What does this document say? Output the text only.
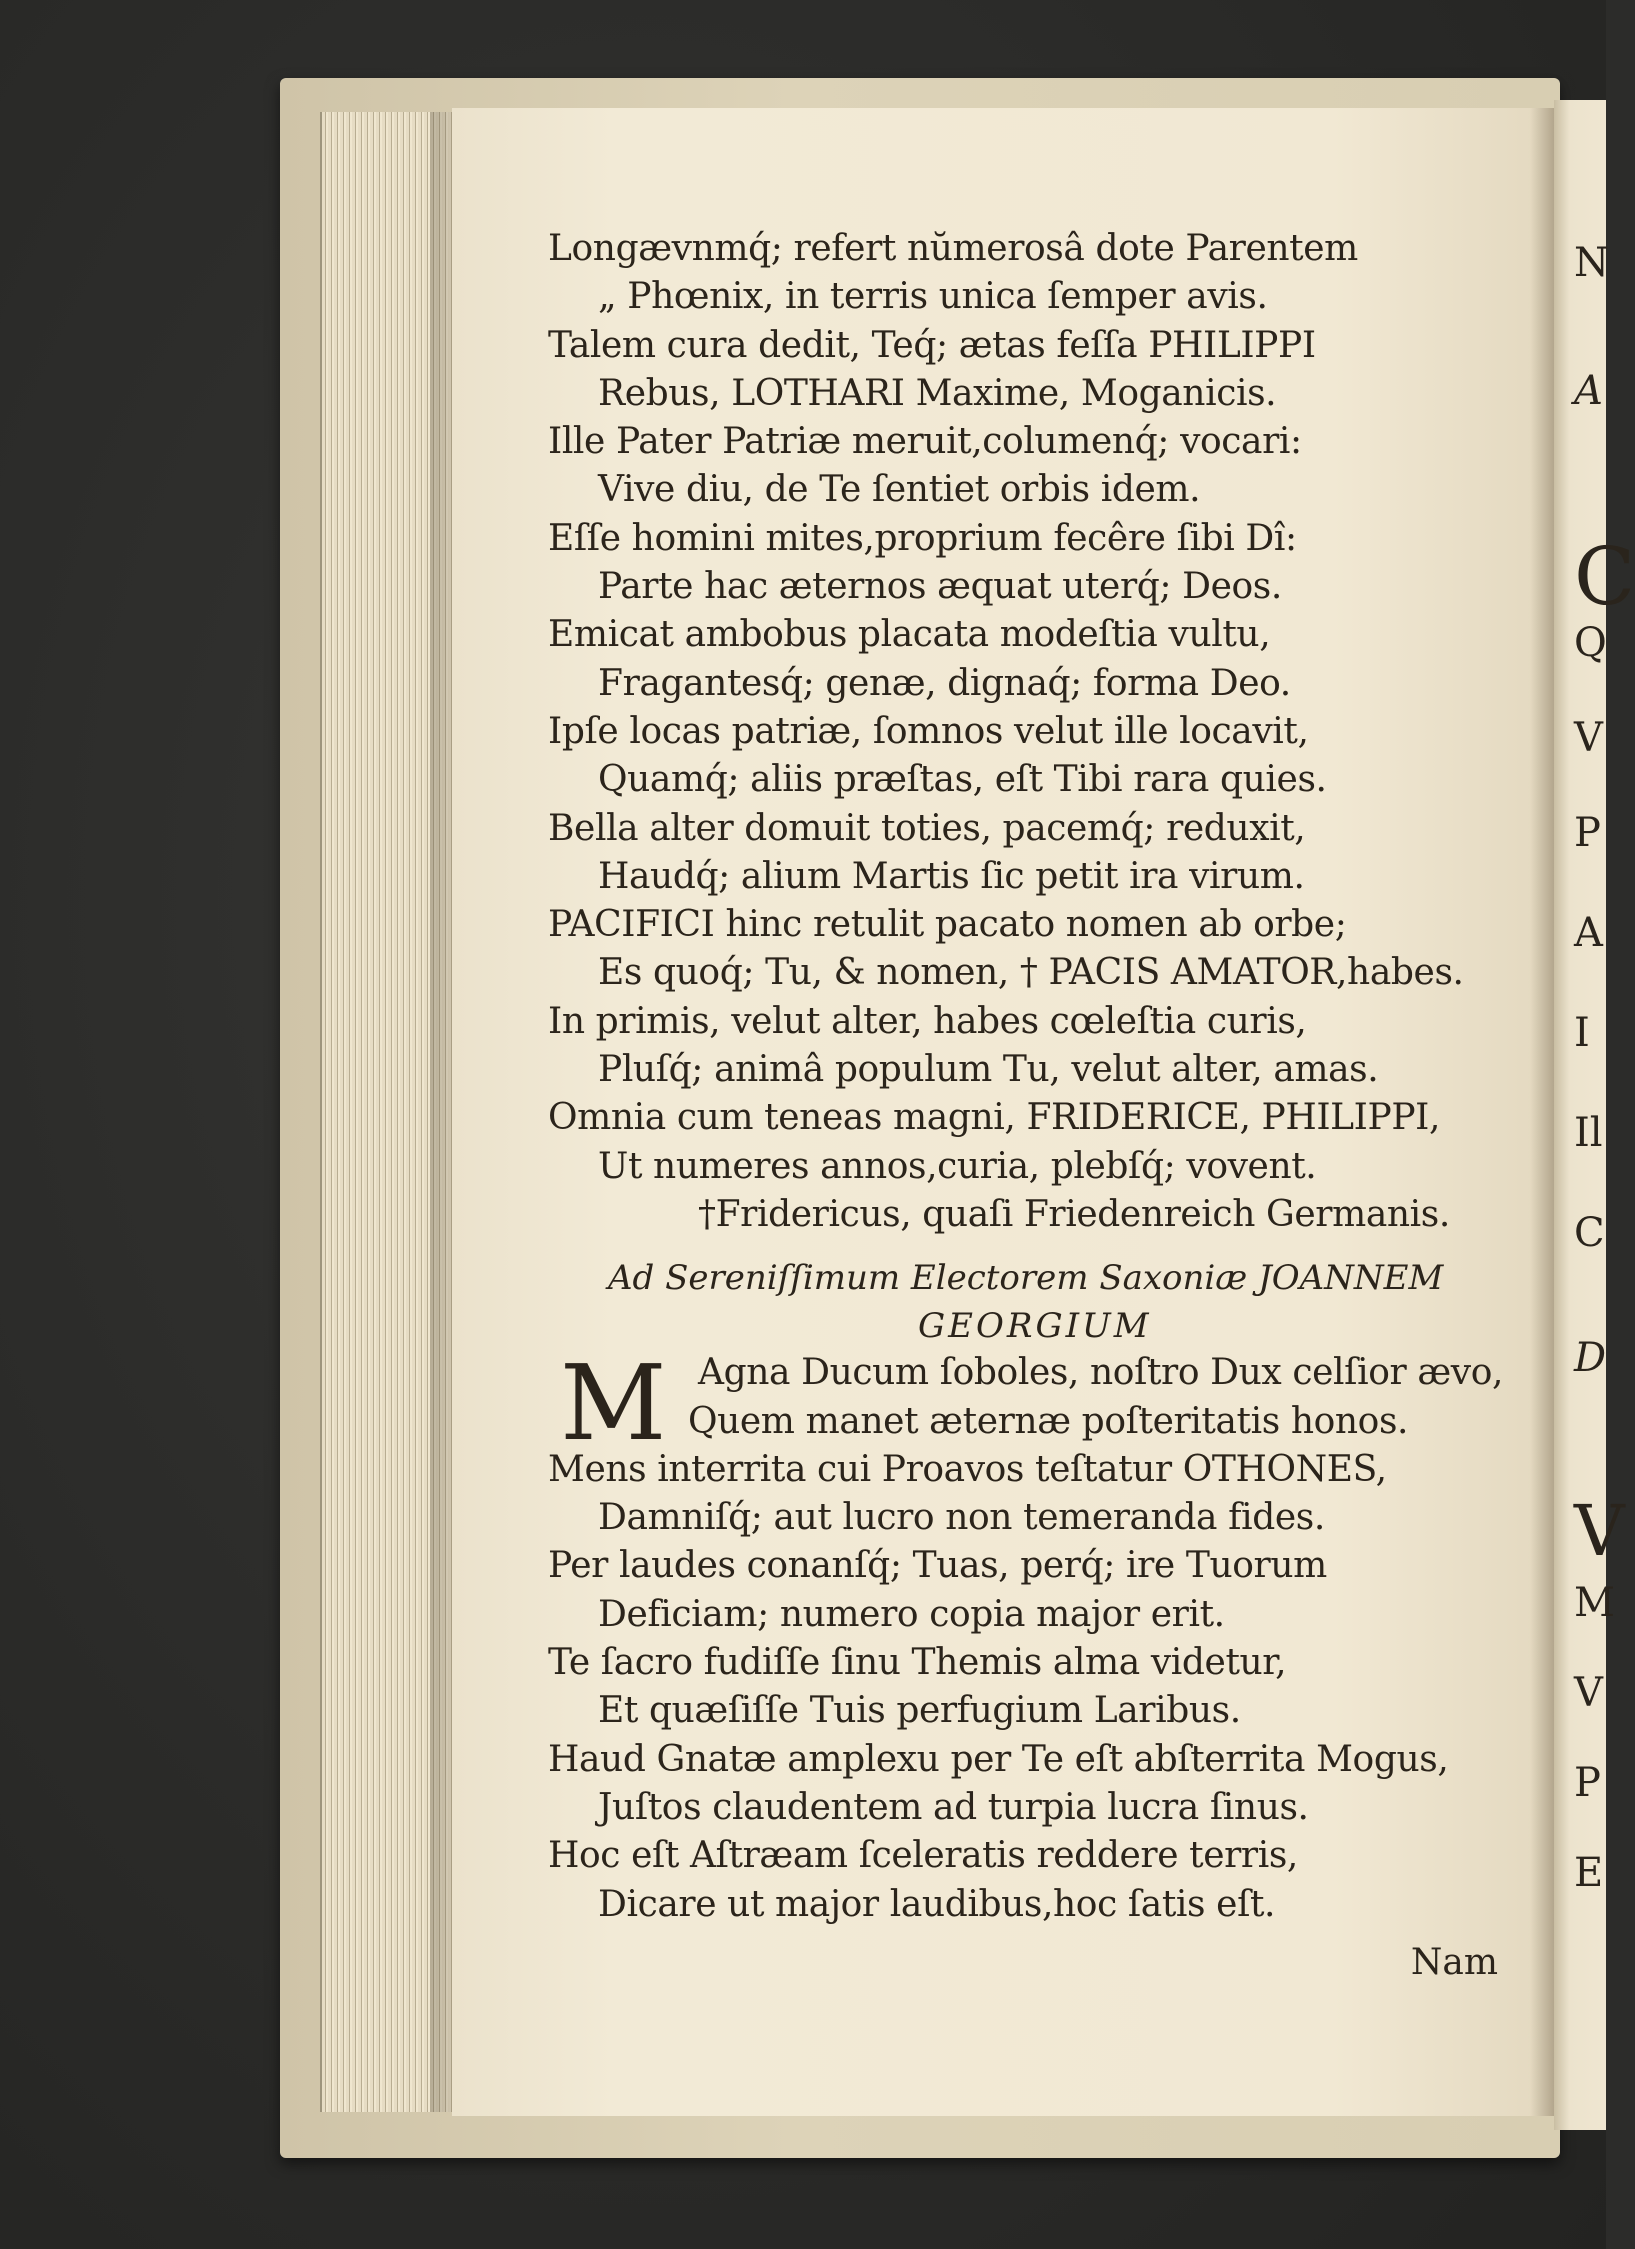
N
A
C
Q
V
P
A
I
Il
C
D
V
M
V
P
E
Longævnmq́; refert nŭmerosâ dote Parentem
„ Phœnix, in terris unica ſemper avis.
Talem cura dedit, Teq́; ætas feſſa PHILIPPI
Rebus, LOTHARI Maxime, Moganicis.
Ille Pater Patriæ meruit,columenq́; vocari:
Vive diu, de Te ſentiet orbis idem.
Eſſe homini mites,proprium fecêre ſibi Dî:
Parte hac æternos æquat uterq́; Deos.
Emicat ambobus placata modeſtia vultu,
Fragantesq́; genæ, dignaq́; forma Deo.
Ipſe locas patriæ, ſomnos velut ille locavit,
Quamq́; aliis præſtas, eſt Tibi rara quies.
Bella alter domuit toties, pacemq́; reduxit,
Haudq́; alium Martis ſic petit ira virum.
PACIFICI hinc retulit pacato nomen ab orbe;
Es quoq́; Tu, & nomen, † PACIS AMATOR,habes.
In primis, velut alter, habes cœleſtia curis,
Pluſq́; animâ populum Tu, velut alter, amas.
Omnia cum teneas magni, FRIDERICE, PHILIPPI,
Ut numeres annos,curia, plebſq́; vovent.
†Fridericus, quaſi Friedenreich Germanis.
Ad Sereniſſimum Electorem Saxoniæ JOANNEM
GEORGIUM
M Agna Ducum ſoboles, noſtro Dux celſior ævo,
Quem manet æternæ poſteritatis honos.
Mens interrita cui Proavos teſtatur OTHONES,
Damniſq́; aut lucro non temeranda fides.
Per laudes conanſq́; Tuas, perq́; ire Tuorum
Deficiam; numero copia major erit.
Te ſacro fudiſſe ſinu Themis alma videtur,
Et quæſiſſe Tuis perfugium Laribus.
Haud Gnatæ amplexu per Te eſt abſterrita Mogus,
Juſtos claudentem ad turpia lucra ſinus.
Hoc eſt Aſtræam ſceleratis reddere terris,
Dicare ut major laudibus,hoc ſatis eſt.
Nam
